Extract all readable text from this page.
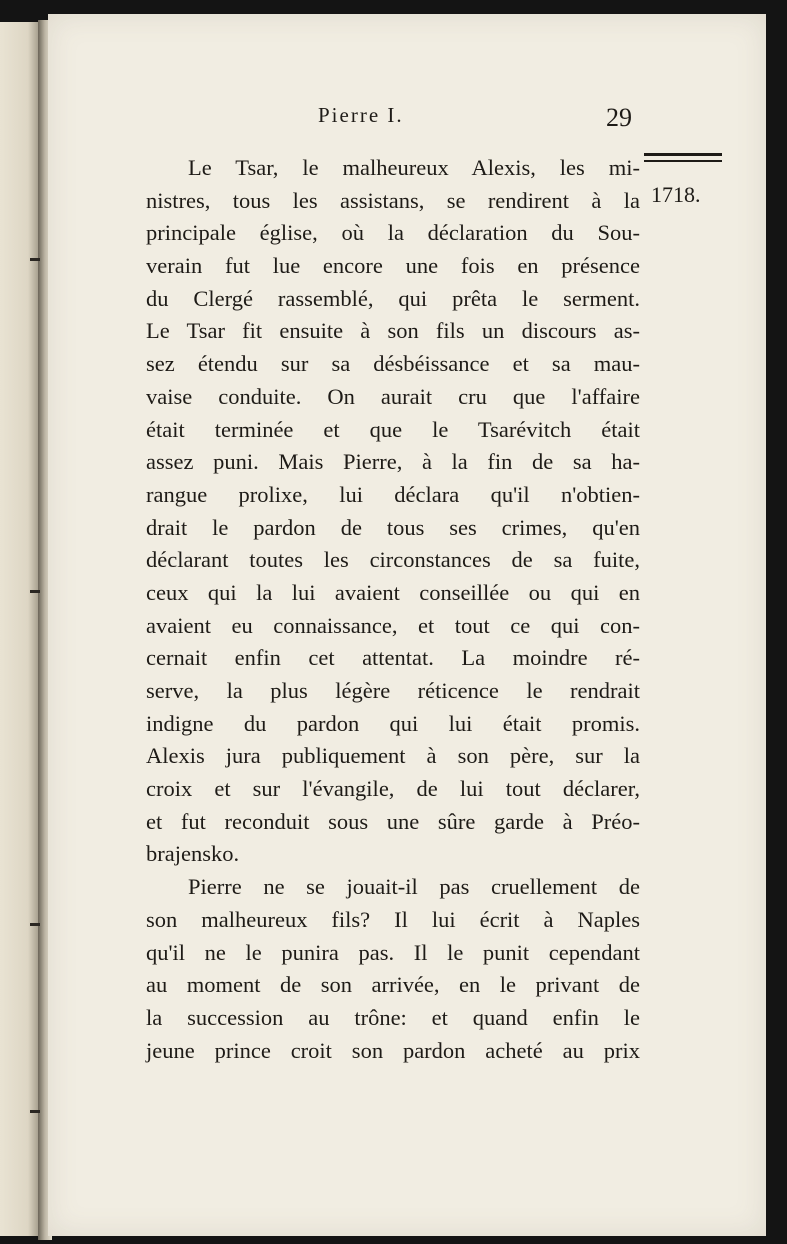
Pierre I.	29
1718.
Le Tsar, le malheureux Alexis, les mi-
nistres, tous les assistans, se rendirent à la
principale église, où la déclaration du Sou-
verain fut lue encore une fois en présence
du Clergé rassemblé, qui prêta le serment.
Le Tsar fit ensuite à son fils un discours as-
sez étendu sur sa désbéissance et sa mau-
vaise conduite. On aurait cru que l'affaire
était terminée et que le Tsarévitch était
assez puni. Mais Pierre, à la fin de sa ha-
rangue prolixe, lui déclara qu'il n'obtien-
drait le pardon de tous ses crimes, qu'en
déclarant toutes les circonstances de sa fuite,
ceux qui la lui avaient conseillée ou qui en
avaient eu connaissance, et tout ce qui con-
cernait enfin cet attentat. La moindre ré-
serve, la plus légère réticence le rendrait
indigne du pardon qui lui était promis.
Alexis jura publiquement à son père, sur la
croix et sur l'évangile, de lui tout déclarer,
et fut reconduit sous une sûre garde à Préo-
brajensko.
Pierre ne se jouait-il pas cruellement de
son malheureux fils? Il lui écrit à Naples
qu'il ne le punira pas. Il le punit cependant
au moment de son arrivée, en le privant de
la succession au trône: et quand enfin le
jeune prince croit son pardon acheté au prix
